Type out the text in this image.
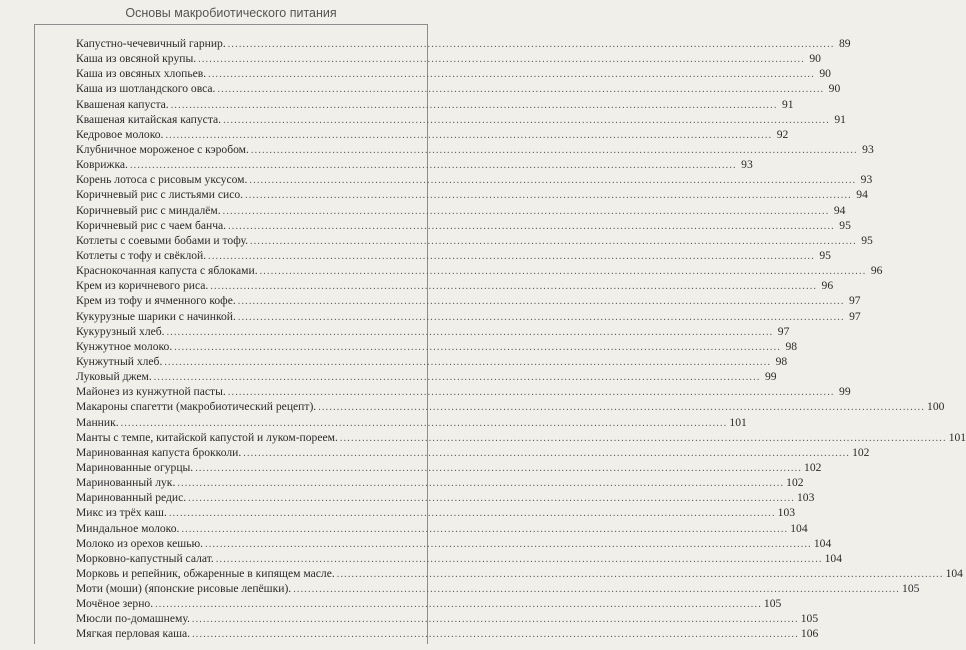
Основы макробиотического питания
Капустно-чечевичный гарнир. .....	89
Каша из овсяной крупы. .....	90
Каша из овсяных хлопьев. .....	90
Каша из шотландского овса. .....	90
Квашеная капуста. .....	91
Квашеная китайская капуста. .....	91
Кедровое молоко. .....	92
Клубничное мороженое с кэробом. .....	93
Коврижка. .....	93
Корень лотоса с рисовым уксусом. .....	93
Коричневый рис с листьями сисо. .....	94
Коричневый рис с миндалём. .....	94
Коричневый рис с чаем банча. .....	95
Котлеты с соевыми бобами и тофу. .....	95
Котлеты с тофу и свёклой. .....	95
Краснокочанная капуста с яблоками. .....	96
Крем из коричневого риса. .....	96
Крем из тофу и ячменного кофе. .....	97
Кукурузные шарики с начинкой. .....	97
Кукурузный хлеб. .....	97
Кунжутное молоко. .....	98
Кунжутный хлеб. .....	98
Луковый джем. .....	99
Майонез из кунжутной пасты. .....	99
Макароны спагетти (макробиотический рецепт). .....	100
Манник. .....	101
Манты с темпе, китайской капустой и луком-пореем. .....	101
Маринованная капуста брокколи. .....	102
Маринованные огурцы. .....	102
Маринованный лук. .....	102
Маринованный редис. .....	103
Микс из трёх каш. .....	103
Миндальное молоко. .....	104
Молоко из орехов кешью. .....	104
Морковно-капустный салат. .....	104
Морковь и репейник, обжаренные в кипящем масле. .....	104
Моти (моши) (японские рисовые лепёшки). .....	105
Мочёное зерно. .....	105
Мюсли по-домашнему. .....	105
Мягкая перловая каша. .....	106
